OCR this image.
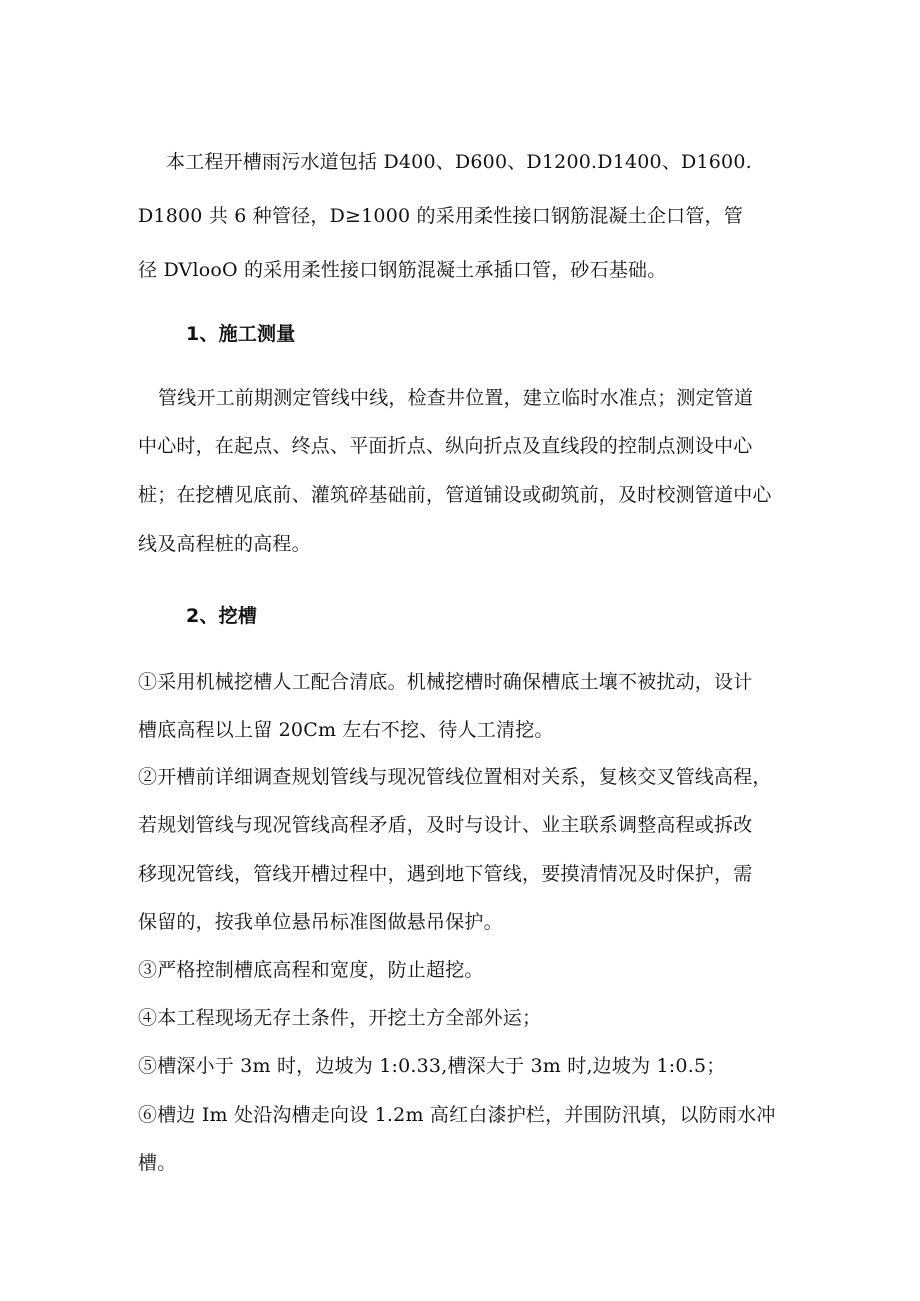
本工程开槽雨污水道包括 D400、D600、D1200.D1400、D1600.
D1800 共 6 种管径，D≥1000 的采用柔性接口钢筋混凝土企口管，管
径 DVlooO 的采用柔性接口钢筋混凝土承插口管，砂石基础。
1、施工测量
管线开工前期测定管线中线，检查井位置，建立临时水准点；测定管道
中心时，在起点、终点、平面折点、纵向折点及直线段的控制点测设中心
桩；在挖槽见底前、灌筑碎基础前，管道铺设或砌筑前，及时校测管道中心
线及高程桩的高程。
2、挖槽
①采用机械挖槽人工配合清底。机械挖槽时确保槽底土壤不被扰动，设计
槽底高程以上留 20Cm 左右不挖、待人工清挖。
②开槽前详细调查规划管线与现况管线位置相对关系，复核交叉管线高程，
若规划管线与现况管线高程矛盾，及时与设计、业主联系调整高程或拆改
移现况管线，管线开槽过程中，遇到地下管线，要摸清情况及时保护，需
保留的，按我单位悬吊标准图做悬吊保护。
③严格控制槽底高程和宽度，防止超挖。
④本工程现场无存土条件，开挖土方全部外运；
⑤槽深小于 3m 时，边坡为 1:0.33,槽深大于 3m 时,边坡为 1:0.5；
⑥槽边 Im 处沿沟槽走向设 1.2m 高红白漆护栏，并围防汛填，以防雨水冲
槽。
